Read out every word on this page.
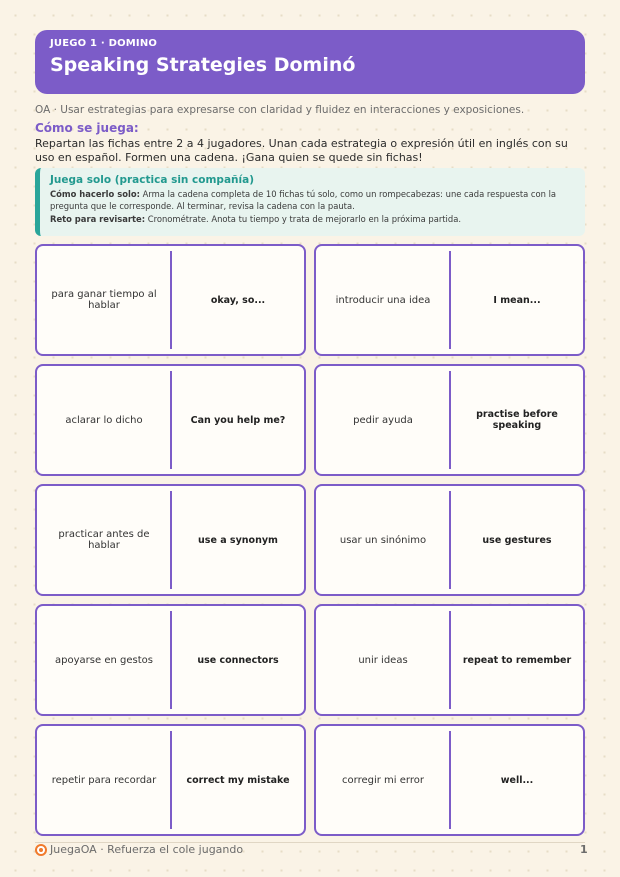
JUEGO 1 · DOMINO
Speaking Strategies Dominó
OA · Usar estrategias para expresarse con claridad y fluidez en interacciones y exposiciones.
Cómo se juega:
Repartan las fichas entre 2 a 4 jugadores. Unan cada estrategia o expresión útil en inglés con su uso en español. Formen una cadena. ¡Gana quien se quede sin fichas!
Juega solo (practica sin compañía)
Cómo hacerlo solo: Arma la cadena completa de 10 fichas tú solo, como un rompecabezas: une cada respuesta con la pregunta que le corresponde. Al terminar, revisa la cadena con la pauta.
Reto para revisarte: Cronométrate. Anota tu tiempo y trata de mejorarlo en la próxima partida.
para ganar tiempo al hablar	okay, so...	introducir una idea	I mean...
aclarar lo dicho	Can you help me?	pedir ayuda	practise before speaking
practicar antes de hablar	use a synonym	usar un sinónimo	use gestures
apoyarse en gestos	use connectors	unir ideas	repeat to remember
repetir para recordar	correct my mistake	corregir mi error	well...
JuegaOA · Refuerza el cole jugando	1
